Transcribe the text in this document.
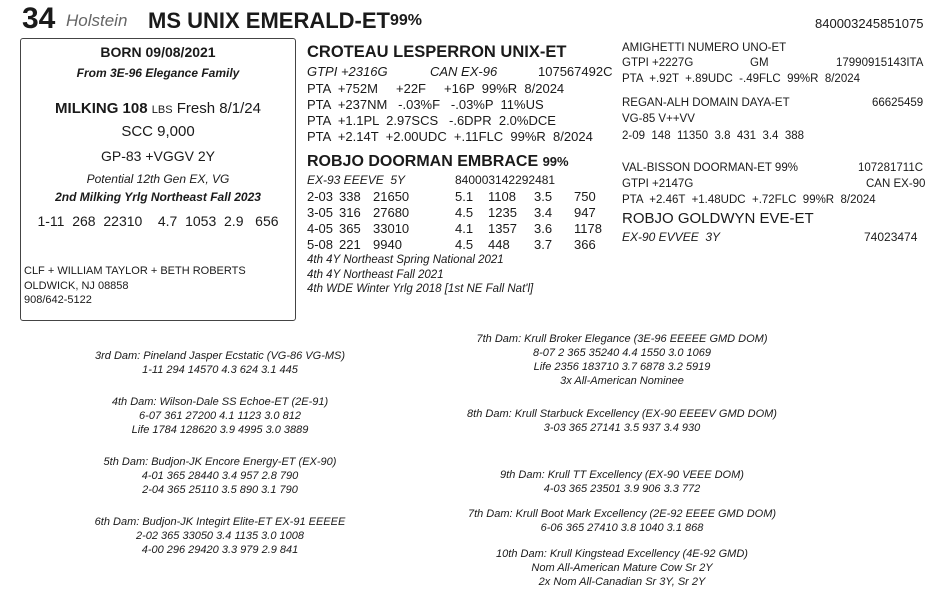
34 Holstein MS UNIX EMERALD-ET 99%	840003245851075
BORN 09/08/2021
From 3E-96 Elegance Family
MILKING 108 LBS Fresh 8/1/24
SCC 9,000
GP-83 +VGGV 2Y
Potential 12th Gen EX, VG
2nd Milking Yrlg Northeast Fall 2023
1-11  268  22310    4.7  1053  2.9   656
CLF + WILLIAM TAYLOR + BETH ROBERTS
OLDWICK, NJ 08858
908/642-5122
CROTEAU LESPERRON UNIX-ET
GTPI +2316G	CAN EX-96	107567492C
PTA  +752M     +22F     +16P  99%R  8/2024
PTA  +237NM   -.03%F   -.03%P  11%US
PTA  +1.1PL  2.97SCS   -.6DPR  2.0%DCE
PTA  +2.14T  +2.00UDC  +.11FLC  99%R  8/2024
ROBJO DOORMAN EMBRACE 99%
EX-93 EEEVE  5Y	840003142292481
2-03 338 21650	5.1	1108	3.5	750
3-05 316 27680	4.5	1235	3.4	947
4-05 365 33010	4.1	1357	3.6	1178
5-08 221 9940	4.5	448	3.7	366
4th 4Y Northeast Spring National 2021
4th 4Y Northeast Fall 2021
4th WDE Winter Yrlg 2018 [1st NE Fall Nat'l]
AMIGHETTI NUMERO UNO-ET
GTPI +2227G	GM	17990915143ITA
PTA  +.92T  +.89UDC  -.49FLC  99%R  8/2024
REGAN-ALH DOMAIN DAYA-ET	66625459
VG-85 V++VV
2-09  148  11350  3.8  431  3.4  388
VAL-BISSON DOORMAN-ET 99%	107281711C
GTPI +2147G	CAN EX-90
PTA  +2.46T  +1.48UDC  +.72FLC  99%R  8/2024
ROBJO GOLDWYN EVE-ET
EX-90 EVVEE  3Y	74023474
3rd Dam: Pineland Jasper Ecstatic (VG-86 VG-MS)
1-11 294 14570 4.3 624 3.1 445
4th Dam: Wilson-Dale SS Echoe-ET (2E-91)
6-07 361 27200 4.1 1123 3.0 812
Life 1784 128620 3.9 4995 3.0 3889
5th Dam: Budjon-JK Encore Energy-ET (EX-90)
4-01 365 28440 3.4 957 2.8 790
2-04 365 25110 3.5 890 3.1 790
6th Dam: Budjon-JK Integirt Elite-ET EX-91 EEEEE
2-02 365 33050 3.4 1135 3.0 1008
4-00 296 29420 3.3 979 2.9 841
7th Dam: Krull Broker Elegance (3E-96 EEEEE GMD DOM)
8-07 2 365 35240 4.4 1550 3.0 1069
Life 2356 183710 3.7 6878 3.2 5919
3x All-American Nominee
8th Dam: Krull Starbuck Excellency (EX-90 EEEEV GMD DOM)
3-03 365 27141 3.5 937 3.4 930
9th Dam: Krull TT Excellency (EX-90 VEEE DOM)
4-03 365 23501 3.9 906 3.3 772
7th Dam: Krull Boot Mark Excellency (2E-92 EEEE GMD DOM)
6-06 365 27410 3.8 1040 3.1 868
10th Dam: Krull Kingstead Excellency (4E-92 GMD)
Nom All-American Mature Cow Sr 2Y
2x Nom All-Canadian Sr 3Y, Sr 2Y
